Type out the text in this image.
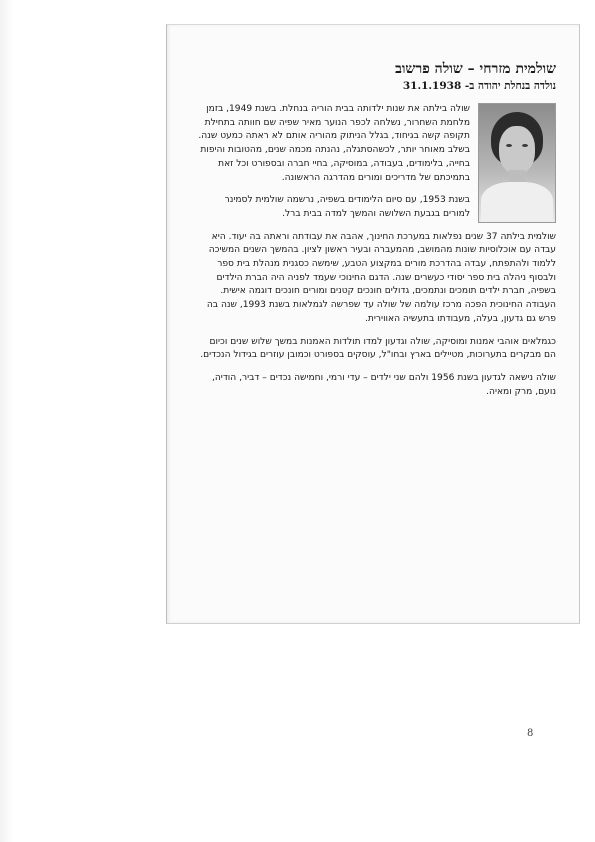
שולמית מזרחי – שולה פרשוב
נולדה בנחלת יהודה ב- 31.1.1938

שולה בילתה את שנות ילדותה בבית הוריה בנחלת. בשנת 1949, בזמן מלחמת השחרור, נשלחה לכפר הנוער מאיר שפיה שם חוותה בתחילת תקופה קשה בגיחוד, בגלל הניתוק מהוריה אותם לא ראתה כמעט שנה. בשלב מאוחר יותר, לכשהסתגלה, נהנתה מכמה שנים, מהטובות והיפות בחייה, בלימודים, בעבודה, במוסיקה, בחיי חברה ובספורט וכל זאת בתמיכתם של מדריכים ומורים מהדרגה הראשונה.

בשנת 1953, עם סיום הלימודים בשפיה, נרשמה שולמית לסמינר למורים בגבעת השלושה והמשך למדה בבית ברל.

שולמית בילתה 37 שנים נפלאות במערכת החינוך, אהבה את עבודתה וראתה בה יעוד. היא עבדה עם אוכלוסיות שונות מהמושב, מהמעברה ובעיר ראשון לציון. בהמשך השנים המשיכה ללמוד ולהתפתח, עבדה בהדרכת מורים במקצוע הטבע, שימשה כסגנית מנהלת בית ספר ולבסוף ניהלה בית ספר יסודי כעשרים שנה. הדגם החינוכי שעמד לפניה היה הברת הילדים בשפיה, חברת ילדים תומכים ונתמכים, גדולים חונכים קטנים ומורים חונכים דוגמה אישית. העבודה החינוכית הפכה מרכז עולמה של שולה עד שפרשה לגמלאות בשנת 1993, שנה בה פרש גם גדעון, בעלה, מעבודתו בתעשיה האווירית.

כגמלאים אוהבי אמנות ומוסיקה, שולה וגדעון למדו תולדות האמנות במשך שלוש שנים וכיום הם מבקרים בתערוכות, מטיילים בארץ ובחו"ל, עוסקים בספורט וכמובן עוזרים בגידול הנכדים.

שולה נישאה לגדעון בשנת 1956 ולהם שני ילדים – עדי ורמי, וחמישה נכדים – דביר, הודיה, נועם, מרק ומאיה.

8
